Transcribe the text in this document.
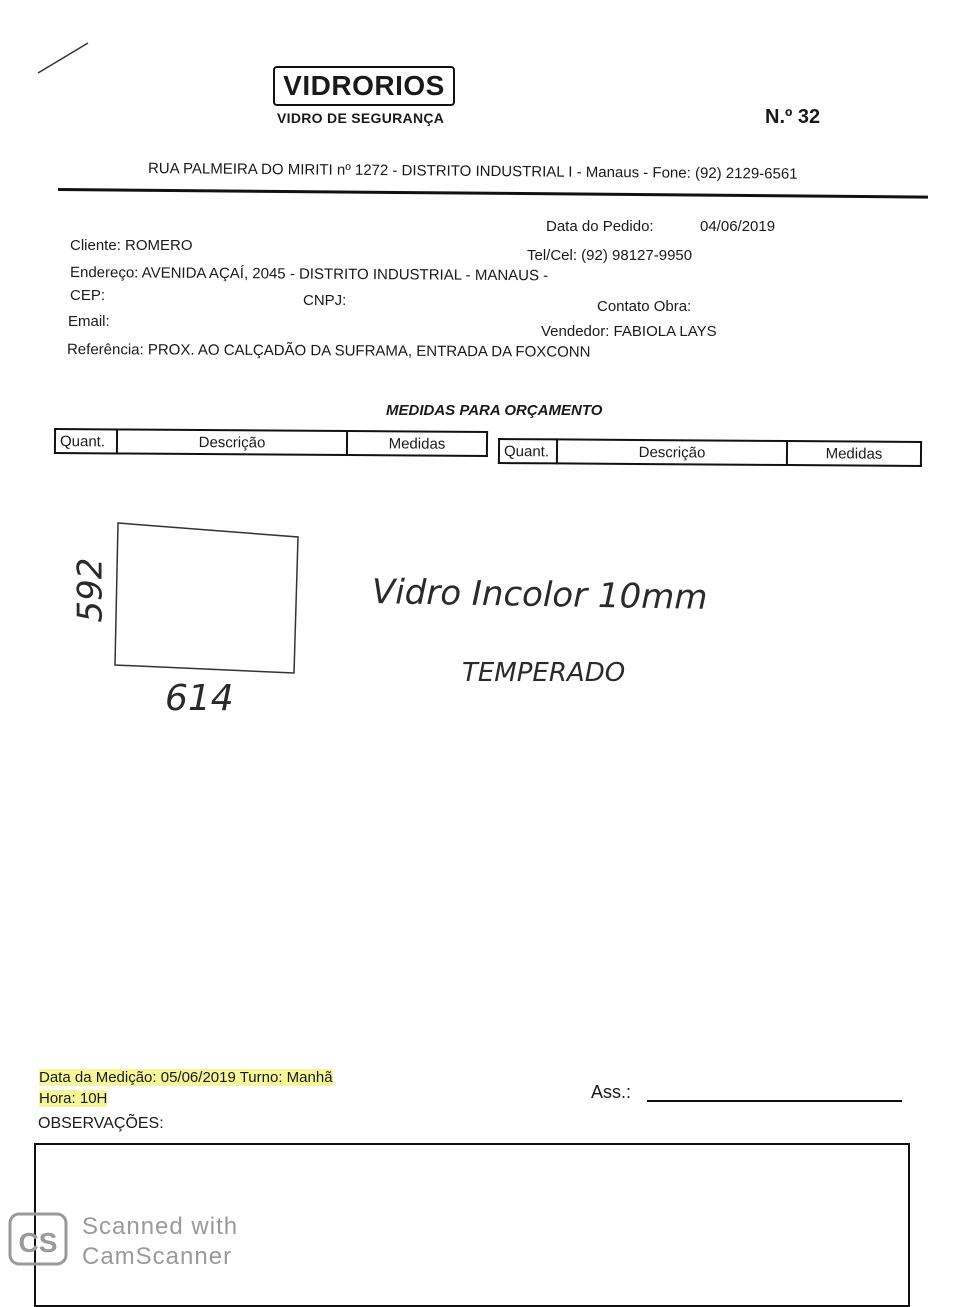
VIDRORIOS
VIDRO DE SEGURANÇA	N.º 32
RUA PALMEIRA DO MIRITI nº 1272 - DISTRITO INDUSTRIAL I - Manaus - Fone: (92) 2129-6561
Data do Pedido:	04/06/2019
Cliente: ROMERO
Tel/Cel: (92) 98127-9950
Endereço: AVENIDA AÇAÍ, 2045 - DISTRITO INDUSTRIAL - MANAUS -
CEP:	CNPJ:	Contato Obra:
Email:
Vendedor: FABIOLA LAYS
Referência: PROX. AO CALÇADÃO DA SUFRAMA, ENTRADA DA FOXCONN
MEDIDAS PARA ORÇAMENTO
Quant.	Descrição	Medidas	Quant.	Descrição	Medidas
592
614
Vidro Incolor 10mm
TEMPERADO
Data da Medição: 05/06/2019 Turno: Manhã
Hora: 10H	Ass.:
OBSERVAÇÕES:
CS
Scanned with
CamScanner
